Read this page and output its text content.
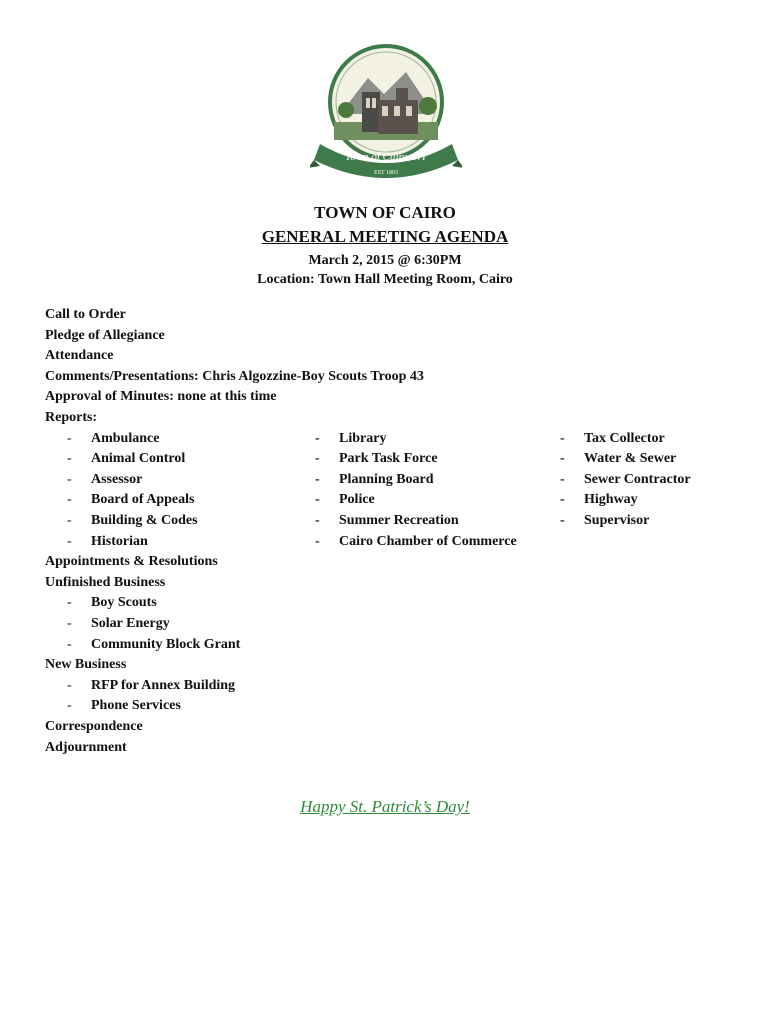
Town of Cairo, NY
EST 1803
TOWN OF CAIRO
GENERAL MEETING AGENDA
March 2, 2015 @ 6:30PM
Location: Town Hall Meeting Room, Cairo
Call to Order
Pledge of Allegiance
Attendance
Comments/Presentations: Chris Algozzine-Boy Scouts Troop 43
Approval of Minutes: none at this time
Reports:
- Ambulance
- Animal Control
- Assessor
- Board of Appeals
- Building & Codes
- Historian
- Library
- Park Task Force
- Planning Board
- Police
- Summer Recreation
- Cairo Chamber of Commerce
- Tax Collector
- Water & Sewer
- Sewer Contractor
- Highway
- Supervisor
Appointments & Resolutions
Unfinished Business
- Boy Scouts
- Solar Energy
- Community Block Grant
New Business
- RFP for Annex Building
- Phone Services
Correspondence
Adjournment
Happy St. Patrick’s Day!
